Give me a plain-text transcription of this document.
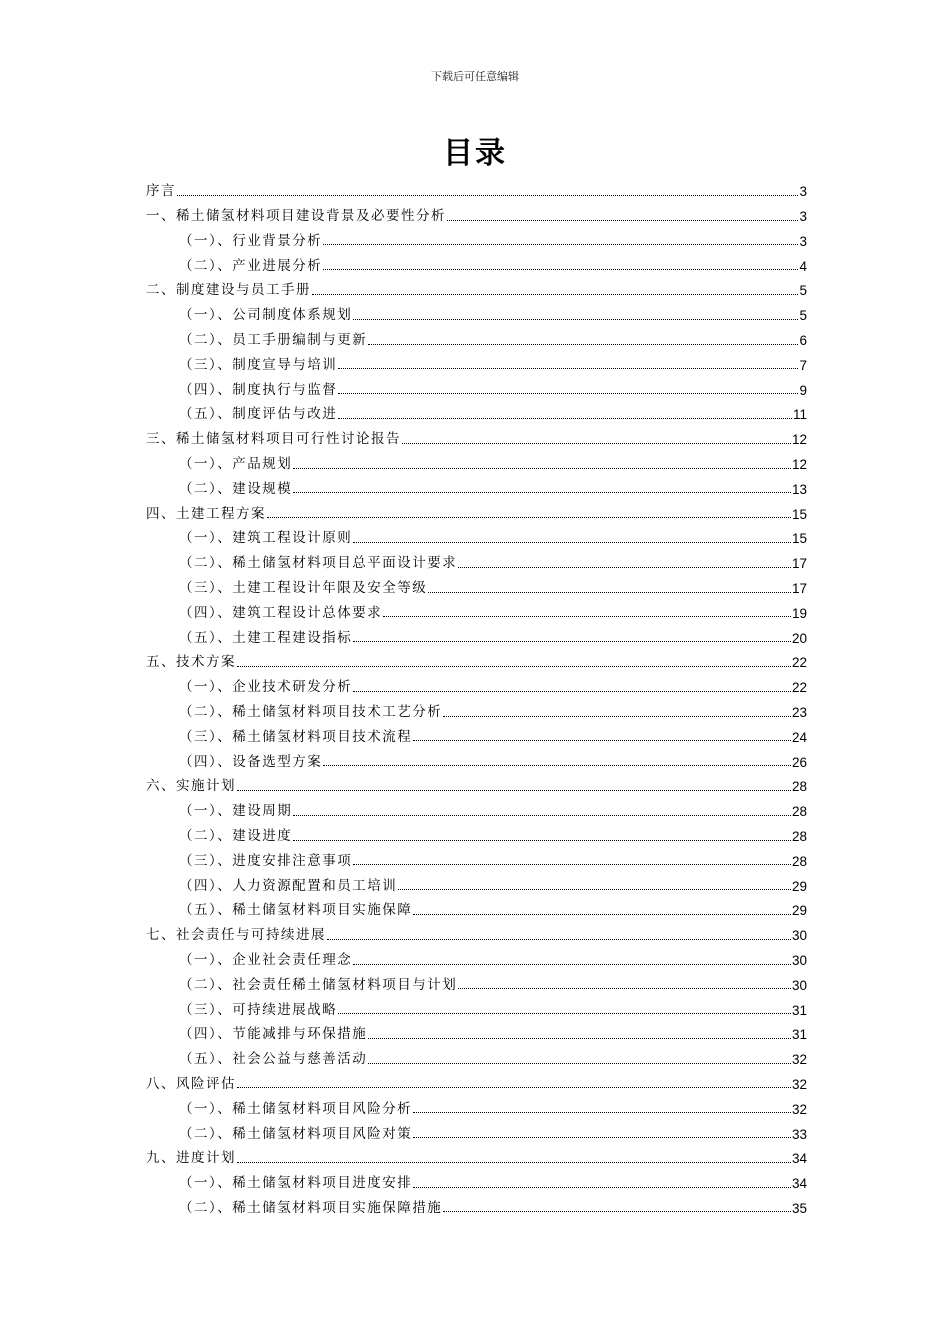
下载后可任意编辑
目录
序言	3
一、稀土储氢材料项目建设背景及必要性分析	3
（一）、行业背景分析	3
（二）、产业进展分析	4
二、制度建设与员工手册	5
（一）、公司制度体系规划	5
（二）、员工手册编制与更新	6
（三）、制度宣导与培训	7
（四）、制度执行与监督	9
（五）、制度评估与改进	11
三、稀土储氢材料项目可行性讨论报告	12
（一）、产品规划	12
（二）、建设规模	13
四、土建工程方案	15
（一）、建筑工程设计原则	15
（二）、稀土储氢材料项目总平面设计要求	17
（三）、土建工程设计年限及安全等级	17
（四）、建筑工程设计总体要求	19
（五）、土建工程建设指标	20
五、技术方案	22
（一）、企业技术研发分析	22
（二）、稀土储氢材料项目技术工艺分析	23
（三）、稀土储氢材料项目技术流程	24
（四）、设备选型方案	26
六、实施计划	28
（一）、建设周期	28
（二）、建设进度	28
（三）、进度安排注意事项	28
（四）、人力资源配置和员工培训	29
（五）、稀土储氢材料项目实施保障	29
七、社会责任与可持续进展	30
（一）、企业社会责任理念	30
（二）、社会责任稀土储氢材料项目与计划	30
（三）、可持续进展战略	31
（四）、节能减排与环保措施	31
（五）、社会公益与慈善活动	32
八、风险评估	32
（一）、稀土储氢材料项目风险分析	32
（二）、稀土储氢材料项目风险对策	33
九、进度计划	34
（一）、稀土储氢材料项目进度安排	34
（二）、稀土储氢材料项目实施保障措施	35
